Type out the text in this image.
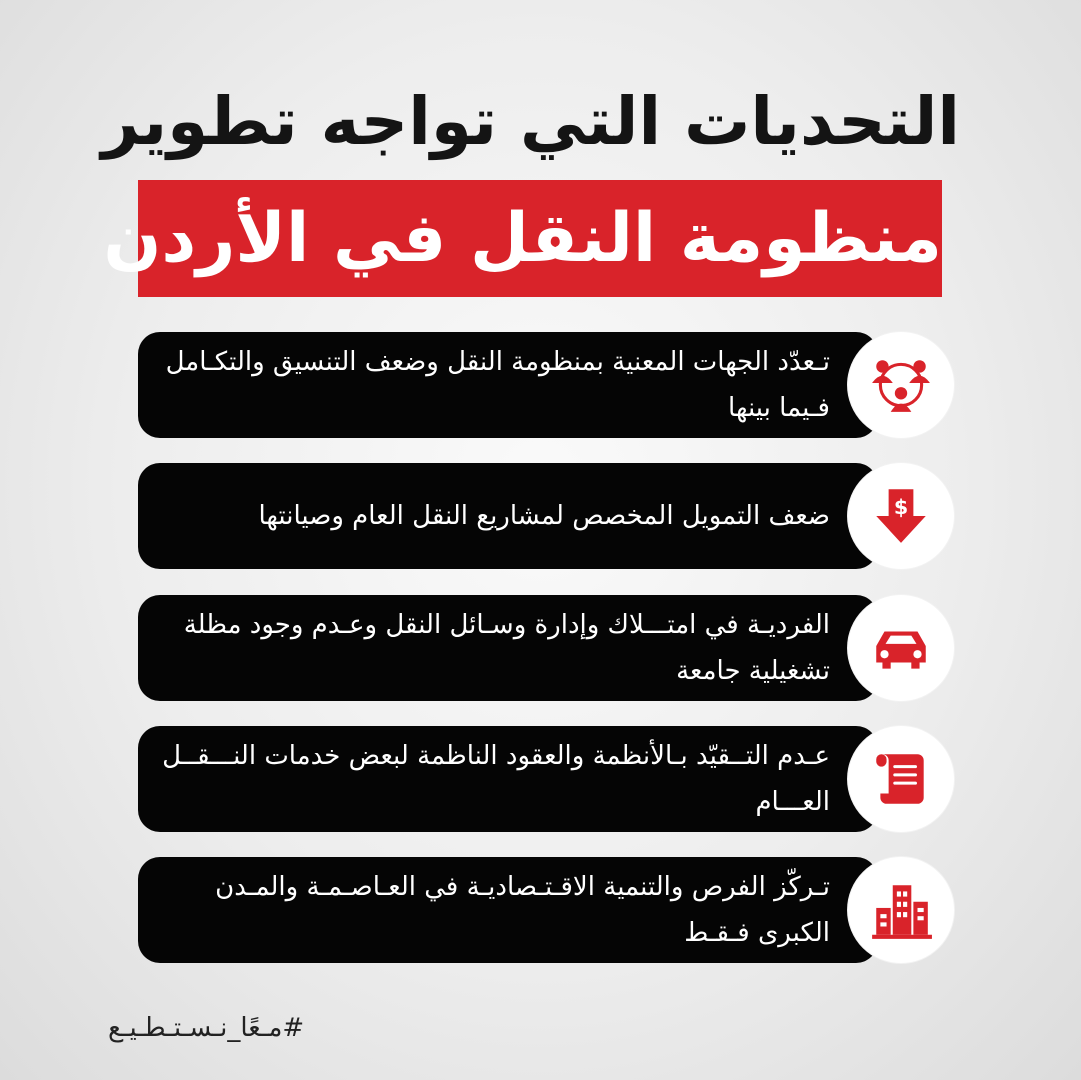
التحديات التي تواجه تطوير
منظومة النقل في الأردن
تـعدّد الجهات المعنية بمنظومة النقل وضعف التنسيق والتكـامل فـيما بينها
ضعف التمويل المخصص لمشاريع النقل العام وصيانتها	$
الفرديـة في امتـــلاك وإدارة وسـائل النقل وعـدم وجود مظلة تشغيلية جامعة
عـدم التــقيّد بـالأنظمة والعقود الناظمة لبعض خدمات النـــقــل العـــام
تـركّز الفرص والتنمية الاقـتـصاديـة في العـاصـمـة والمـدن الكبرى فـقـط
#مـعًا_نـسـتـطـيـع
